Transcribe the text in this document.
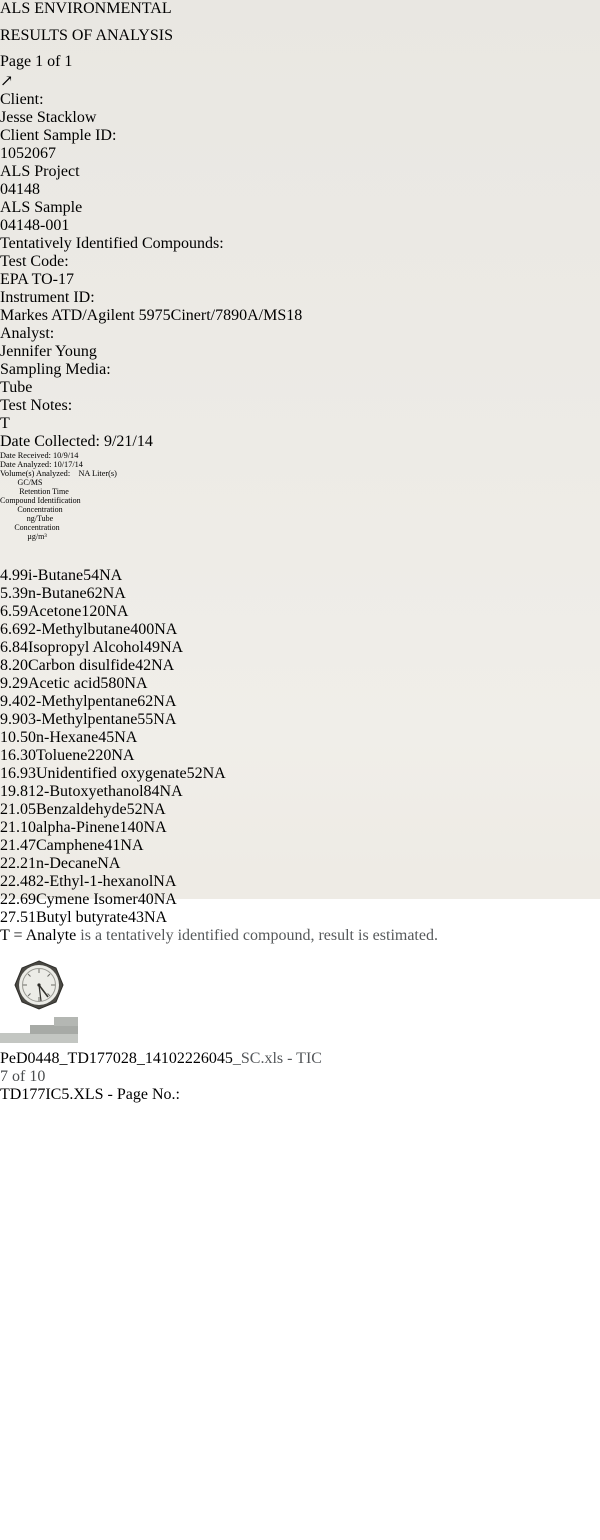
ALS ENVIRONMENTAL
RESULTS OF ANALYSIS
Page 1 of 1
↗
Client:
Jesse Stacklow
Client Sample ID:
1052067
ALS Project
04148
ALS Sample
04148-001
Tentatively Identified Compounds:
Test Code:
EPA TO-17
Instrument ID:
Markes ATD/Agilent 5975Cinert/7890A/MS18
Analyst:
Jennifer Young
Sampling Media:
Tube
Test Notes:
T
Date Collected: 9/21/14
Date Received: 10/9/14
Date Analyzed: 10/17/14
Volume(s) Analyzed: NA Liter(s)
GC/MS
Retention Time
Compound Identification
Concentration
ng/Tube
Concentration
µg/m³
4.99i-Butane54NA
5.39n-Butane62NA
6.59Acetone120NA
6.692-Methylbutane400NA
6.84Isopropyl Alcohol49NA
8.20Carbon disulfide42NA
9.29Acetic acid580NA
9.402-Methylpentane62NA
9.903-Methylpentane55NA
10.50n-Hexane45NA
16.30Toluene220NA
16.93Unidentified oxygenate52NA
19.812-Butoxyethanol84NA
21.05Benzaldehyde52NA
21.10alpha-Pinene140NA
21.47Camphene41NA
22.21n-DecaneNA
22.482-Ethyl-1-hexanolNA
22.69Cymene Isomer40NA
27.51Butyl butyrate43NA
T = Analyte is a tentatively identified compound, result is estimated.
PeD0448_TD177028_14102226045_SC.xls - TIC
7 of 10
TD177IC5.XLS - Page No.:
